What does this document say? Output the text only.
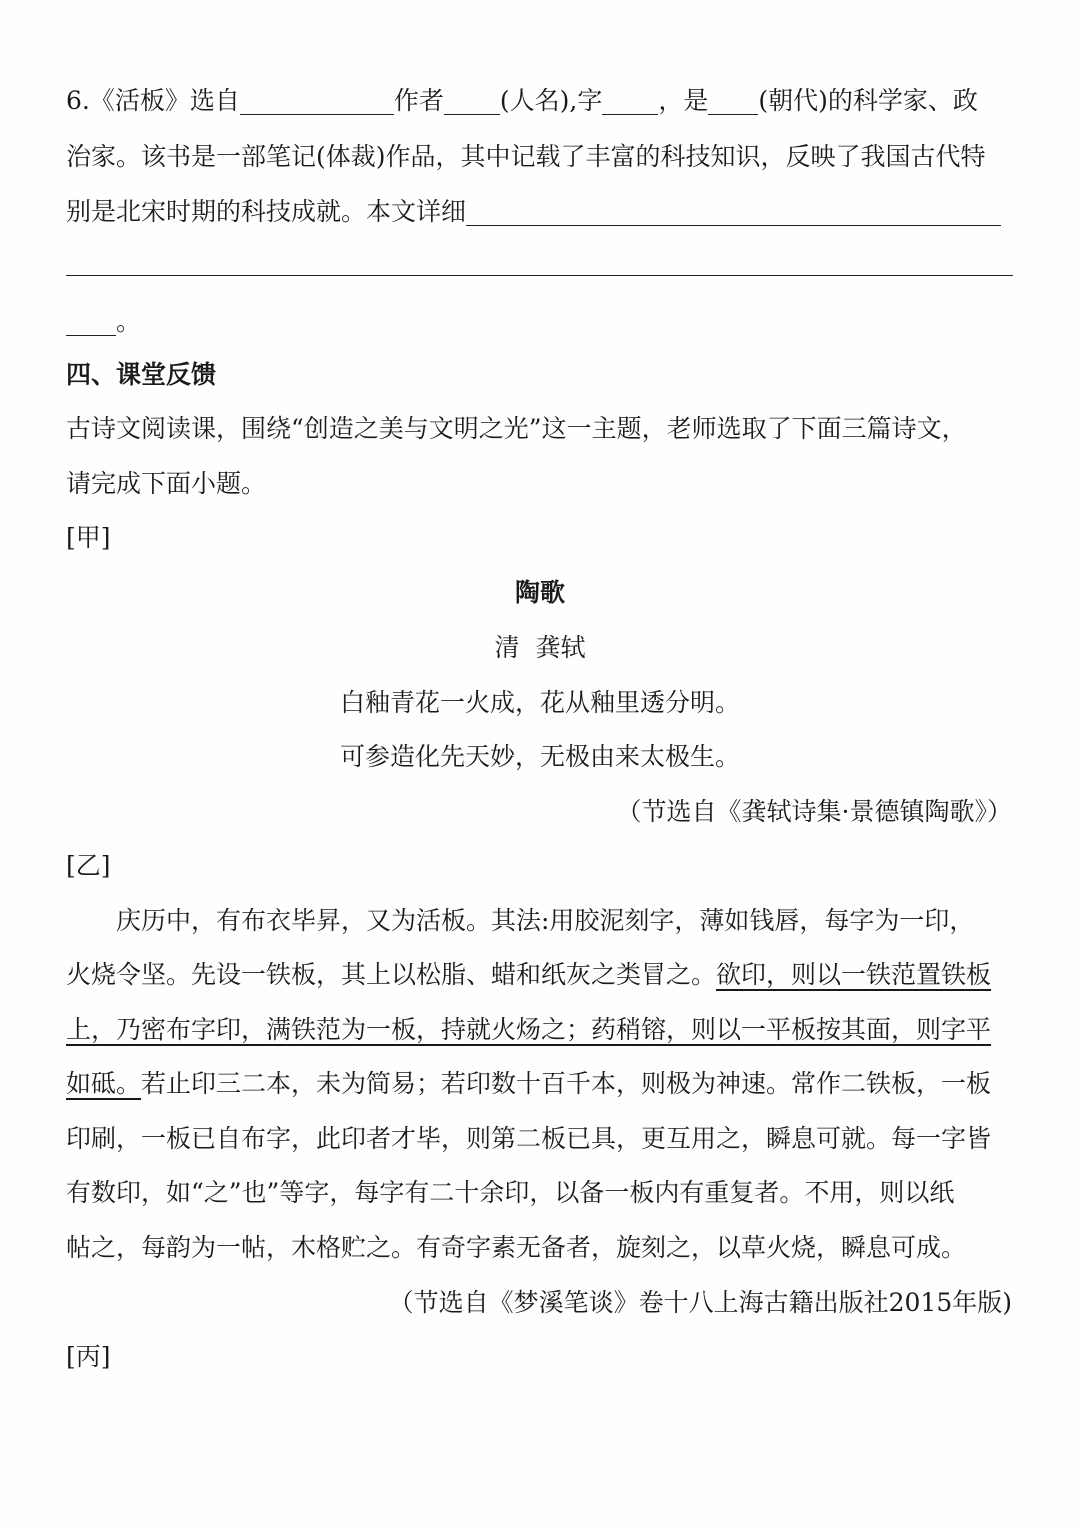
6.《活板》选自	作者 (人名),字 ，是 (朝代)的科学家、政
治家。该书是一部笔记(体裁)作品，其中记载了丰富的科技知识，反映了我国古代特
别是北宋时期的科技成就。本文详细
。
四、课堂反馈
古诗文阅读课，围绕“创造之美与文明之光”这一主题，老师选取了下面三篇诗文，
请完成下面小题。
[甲]
陶歌
清  龚轼
白釉青花一火成，花从釉里透分明。
可参造化先天妙，无极由来太极生。
（节选自《龚轼诗集·景德镇陶歌》）
[乙]
庆历中，有布衣毕昇，又为活板。其法:用胶泥刻字，薄如钱唇，每字为一印，
火烧令坚。先设一铁板，其上以松脂、蜡和纸灰之类冒之。欲印，则以一铁范置铁板
上，乃密布字印，满铁范为一板，持就火炀之；药稍镕，则以一平板按其面，则字平
如砥。若止印三二本，未为简易；若印数十百千本，则极为神速。常作二铁板，一板
印刷，一板已自布字，此印者才毕，则第二板已具，更互用之，瞬息可就。每一字皆
有数印，如“之”也”等字，每字有二十余印，以备一板内有重复者。不用，则以纸
帖之，每韵为一帖，木格贮之。有奇字素无备者，旋刻之，以草火烧，瞬息可成。
（节选自《梦溪笔谈》卷十八上海古籍出版社2015年版)
[丙]
